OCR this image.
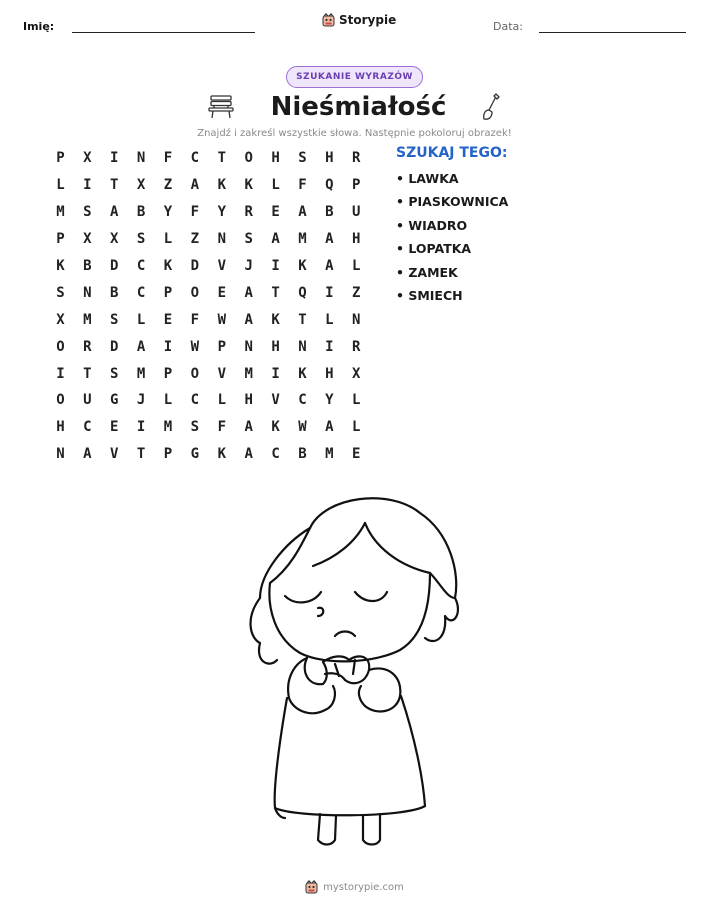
Imię:	Storypie	Data:
SZUKANIE WYRAZÓW
Nieśmiałość
Znajdź i zakreśl wszystkie słowa. Następnie pokoloruj obrazek!
P	X	I	N	F	C	T	O	H	S	H	R
L	I	T	X	Z	A	K	K	L	F	Q	P
M	S	A	B	Y	F	Y	R	E	A	B	U
P	X	X	S	L	Z	N	S	A	M	A	H
K	B	D	C	K	D	V	J	I	K	A	L
S	N	B	C	P	O	E	A	T	Q	I	Z
X	M	S	L	E	F	W	A	K	T	L	N
O	R	D	A	I	W	P	N	H	N	I	R
I	T	S	M	P	O	V	M	I	K	H	X
O	U	G	J	L	C	L	H	V	C	Y	L
H	C	E	I	M	S	F	A	K	W	A	L
N	A	V	T	P	G	K	A	C	B	M	E
SZUKAJ TEGO:
• LAWKA
• PIASKOWNICA
• WIADRO
• LOPATKA
• ZAMEK
• SMIECH
mystorypie.com
